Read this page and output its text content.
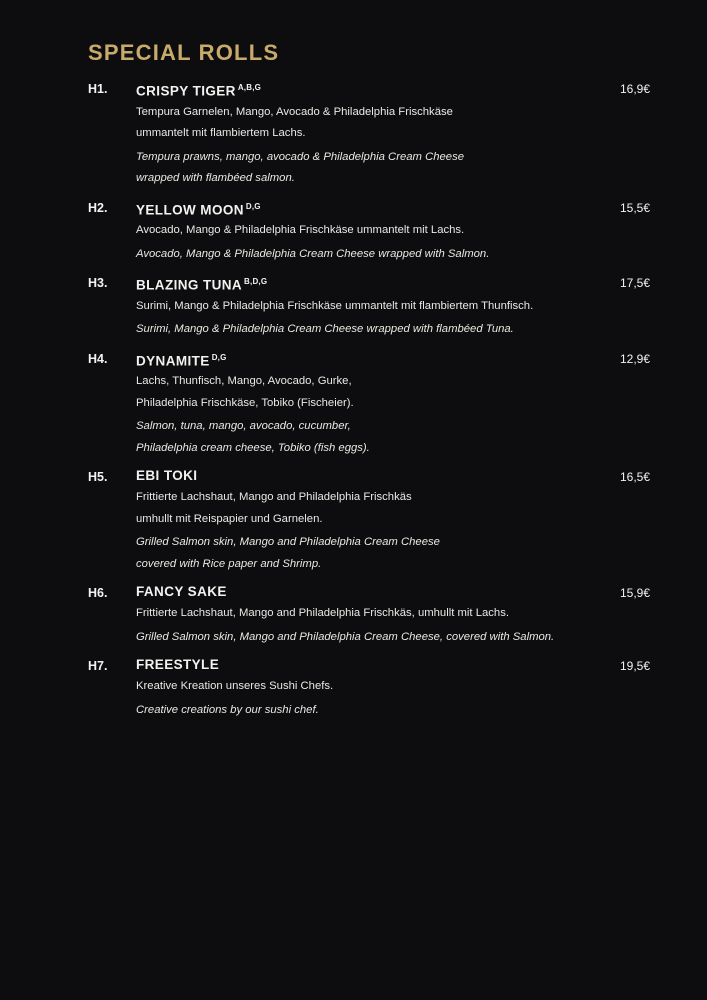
SPECIAL ROLLS
H1.	CRISPY TIGER $^{A,B,G}$	16,9€
Tempura Garnelen, Mango, Avocado & Philadelphia Frischkäse
ummantelt mit flambiertem Lachs.
Tempura prawns, mango, avocado & Philadelphia Cream Cheese
wrapped with flambéed salmon.
H2.	YELLOW MOON $^{D,G}$	15,5€
Avocado, Mango & Philadelphia Frischkäse ummantelt mit Lachs.
Avocado, Mango & Philadelphia Cream Cheese wrapped with Salmon.
H3.	BLAZING TUNA $^{B,D,G}$	17,5€
Surimi, Mango & Philadelphia Frischkäse ummantelt mit flambiertem Thunfisch.
Surimi, Mango & Philadelphia Cream Cheese wrapped with flambéed Tuna.
H4.	DYNAMITE $^{D,G}$	12,9€
Lachs, Thunfisch, Mango, Avocado, Gurke,
Philadelphia Frischkäse, Tobiko (Fischeier).
Salmon, tuna, mango, avocado, cucumber,
Philadelphia cream cheese, Tobiko (fish eggs).
H5.	EBI TOKI	16,5€
Frittierte Lachshaut, Mango and Philadelphia Frischkäs
umhullt mit Reispapier und Garnelen.
Grilled Salmon skin, Mango and Philadelphia Cream Cheese
covered with Rice paper and Shrimp.
H6.	FANCY SAKE	15,9€
Frittierte Lachshaut, Mango and Philadelphia Frischkäs, umhullt mit Lachs.
Grilled Salmon skin, Mango and Philadelphia Cream Cheese, covered with Salmon.
H7.	FREESTYLE	19,5€
Kreative Kreation unseres Sushi Chefs.
Creative creations by our sushi chef.
